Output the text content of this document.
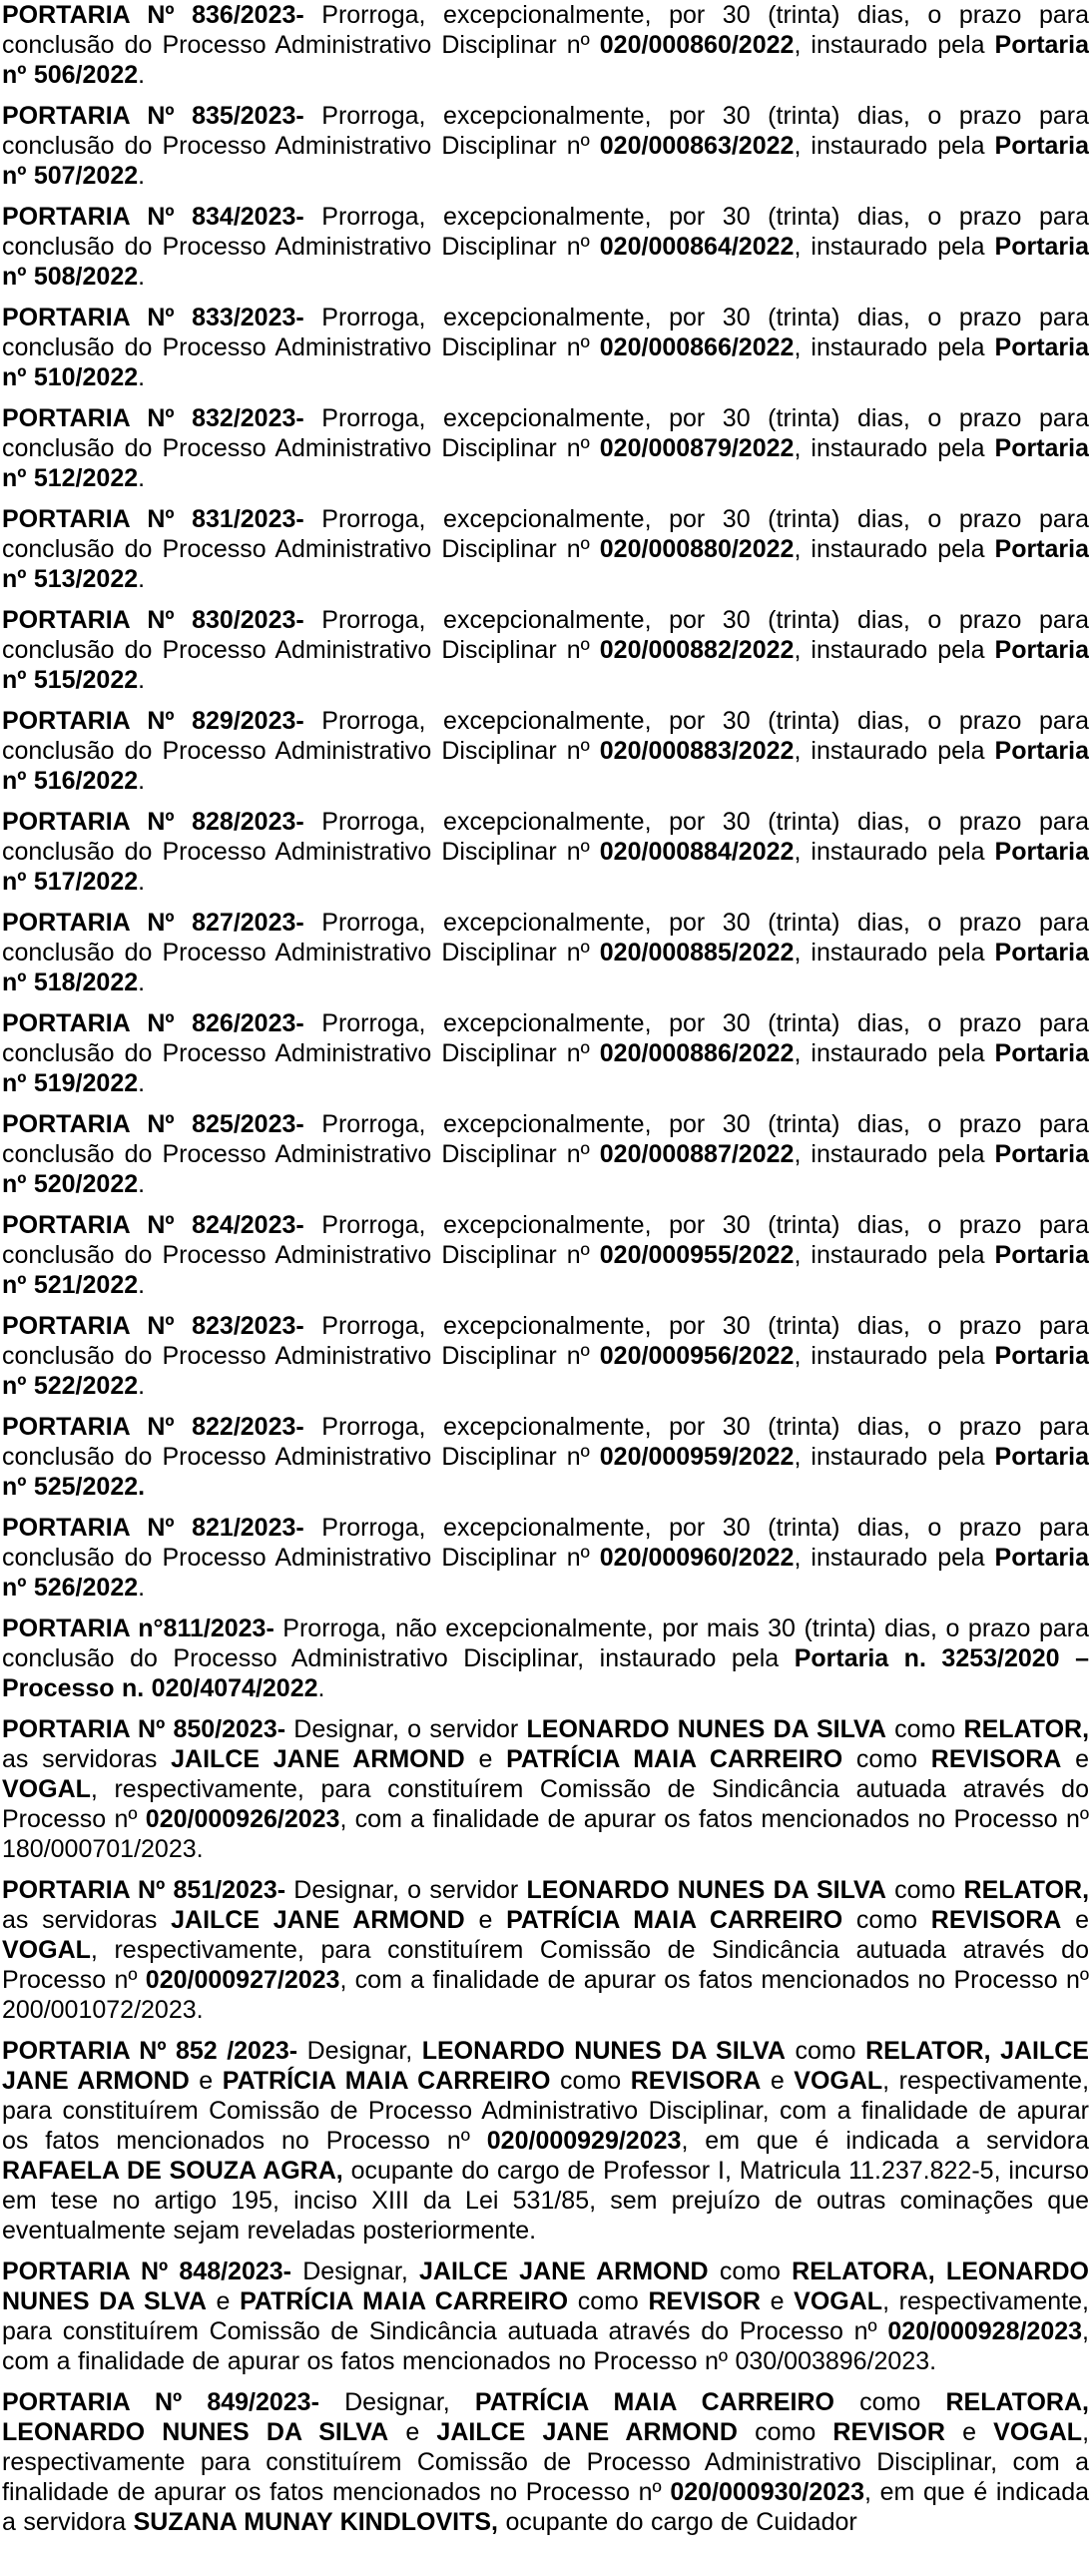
PORTARIA Nº 836/2023- Prorroga, excepcionalmente, por 30 (trinta) dias, o prazo para conclusão do Processo Administrativo Disciplinar nº 020/000860/2022, instaurado pela Portaria nº 506/2022.

PORTARIA Nº 835/2023- Prorroga, excepcionalmente, por 30 (trinta) dias, o prazo para conclusão do Processo Administrativo Disciplinar nº 020/000863/2022, instaurado pela Portaria nº 507/2022.

PORTARIA Nº 834/2023- Prorroga, excepcionalmente, por 30 (trinta) dias, o prazo para conclusão do Processo Administrativo Disciplinar nº 020/000864/2022, instaurado pela Portaria nº 508/2022.

PORTARIA Nº 833/2023- Prorroga, excepcionalmente, por 30 (trinta) dias, o prazo para conclusão do Processo Administrativo Disciplinar nº 020/000866/2022, instaurado pela Portaria nº 510/2022.

PORTARIA Nº 832/2023- Prorroga, excepcionalmente, por 30 (trinta) dias, o prazo para conclusão do Processo Administrativo Disciplinar nº 020/000879/2022, instaurado pela Portaria nº 512/2022.

PORTARIA Nº 831/2023- Prorroga, excepcionalmente, por 30 (trinta) dias, o prazo para conclusão do Processo Administrativo Disciplinar nº 020/000880/2022, instaurado pela Portaria nº 513/2022.

PORTARIA Nº 830/2023- Prorroga, excepcionalmente, por 30 (trinta) dias, o prazo para conclusão do Processo Administrativo Disciplinar nº 020/000882/2022, instaurado pela Portaria nº 515/2022.

PORTARIA Nº 829/2023- Prorroga, excepcionalmente, por 30 (trinta) dias, o prazo para conclusão do Processo Administrativo Disciplinar nº 020/000883/2022, instaurado pela Portaria nº 516/2022.

PORTARIA Nº 828/2023- Prorroga, excepcionalmente, por 30 (trinta) dias, o prazo para conclusão do Processo Administrativo Disciplinar nº 020/000884/2022, instaurado pela Portaria nº 517/2022.

PORTARIA Nº 827/2023- Prorroga, excepcionalmente, por 30 (trinta) dias, o prazo para conclusão do Processo Administrativo Disciplinar nº 020/000885/2022, instaurado pela Portaria nº 518/2022.

PORTARIA Nº 826/2023- Prorroga, excepcionalmente, por 30 (trinta) dias, o prazo para conclusão do Processo Administrativo Disciplinar nº 020/000886/2022, instaurado pela Portaria nº 519/2022.

PORTARIA Nº 825/2023- Prorroga, excepcionalmente, por 30 (trinta) dias, o prazo para conclusão do Processo Administrativo Disciplinar nº 020/000887/2022, instaurado pela Portaria nº 520/2022.

PORTARIA Nº 824/2023- Prorroga, excepcionalmente, por 30 (trinta) dias, o prazo para conclusão do Processo Administrativo Disciplinar nº 020/000955/2022, instaurado pela Portaria nº 521/2022.

PORTARIA Nº 823/2023- Prorroga, excepcionalmente, por 30 (trinta) dias, o prazo para conclusão do Processo Administrativo Disciplinar nº 020/000956/2022, instaurado pela Portaria nº 522/2022.

PORTARIA Nº 822/2023- Prorroga, excepcionalmente, por 30 (trinta) dias, o prazo para conclusão do Processo Administrativo Disciplinar nº 020/000959/2022, instaurado pela Portaria nº 525/2022.

PORTARIA Nº 821/2023- Prorroga, excepcionalmente, por 30 (trinta) dias, o prazo para conclusão do Processo Administrativo Disciplinar nº 020/000960/2022, instaurado pela Portaria nº 526/2022.

PORTARIA n°811/2023- Prorroga, não excepcionalmente, por mais 30 (trinta) dias, o prazo para conclusão do Processo Administrativo Disciplinar, instaurado pela Portaria n. 3253/2020 – Processo n. 020/4074/2022.

PORTARIA Nº 850/2023- Designar, o servidor LEONARDO NUNES DA SILVA como RELATOR, as servidoras JAILCE JANE ARMOND e PATRÍCIA MAIA CARREIRO como REVISORA e VOGAL, respectivamente, para constituírem Comissão de Sindicância autuada através do Processo nº 020/000926/2023, com a finalidade de apurar os fatos mencionados no Processo nº 180/000701/2023.

PORTARIA Nº 851/2023- Designar, o servidor LEONARDO NUNES DA SILVA como RELATOR, as servidoras JAILCE JANE ARMOND e PATRÍCIA MAIA CARREIRO como REVISORA e VOGAL, respectivamente, para constituírem Comissão de Sindicância autuada através do Processo nº 020/000927/2023, com a finalidade de apurar os fatos mencionados no Processo nº 200/001072/2023.

PORTARIA Nº 852 /2023- Designar, LEONARDO NUNES DA SILVA como RELATOR, JAILCE JANE ARMOND e PATRÍCIA MAIA CARREIRO como REVISORA e VOGAL, respectivamente, para constituírem Comissão de Processo Administrativo Disciplinar, com a finalidade de apurar os fatos mencionados no Processo nº 020/000929/2023, em que é indicada a servidora RAFAELA DE SOUZA AGRA, ocupante do cargo de Professor I, Matricula 11.237.822-5, incurso em tese no artigo 195, inciso XIII da Lei 531/85, sem prejuízo de outras cominações que eventualmente sejam reveladas posteriormente.

PORTARIA Nº 848/2023- Designar, JAILCE JANE ARMOND como RELATORA, LEONARDO NUNES DA SLVA e PATRÍCIA MAIA CARREIRO como REVISOR e VOGAL, respectivamente, para constituírem Comissão de Sindicância autuada através do Processo nº 020/000928/2023, com a finalidade de apurar os fatos mencionados no Processo nº 030/003896/2023.

PORTARIA Nº 849/2023- Designar, PATRÍCIA MAIA CARREIRO como RELATORA, LEONARDO NUNES DA SILVA e JAILCE JANE ARMOND como REVISOR e VOGAL, respectivamente para constituírem Comissão de Processo Administrativo Disciplinar, com a finalidade de apurar os fatos mencionados no Processo nº 020/000930/2023, em que é indicada a servidora SUZANA MUNAY KINDLOVITS, ocupante do cargo de Cuidador
